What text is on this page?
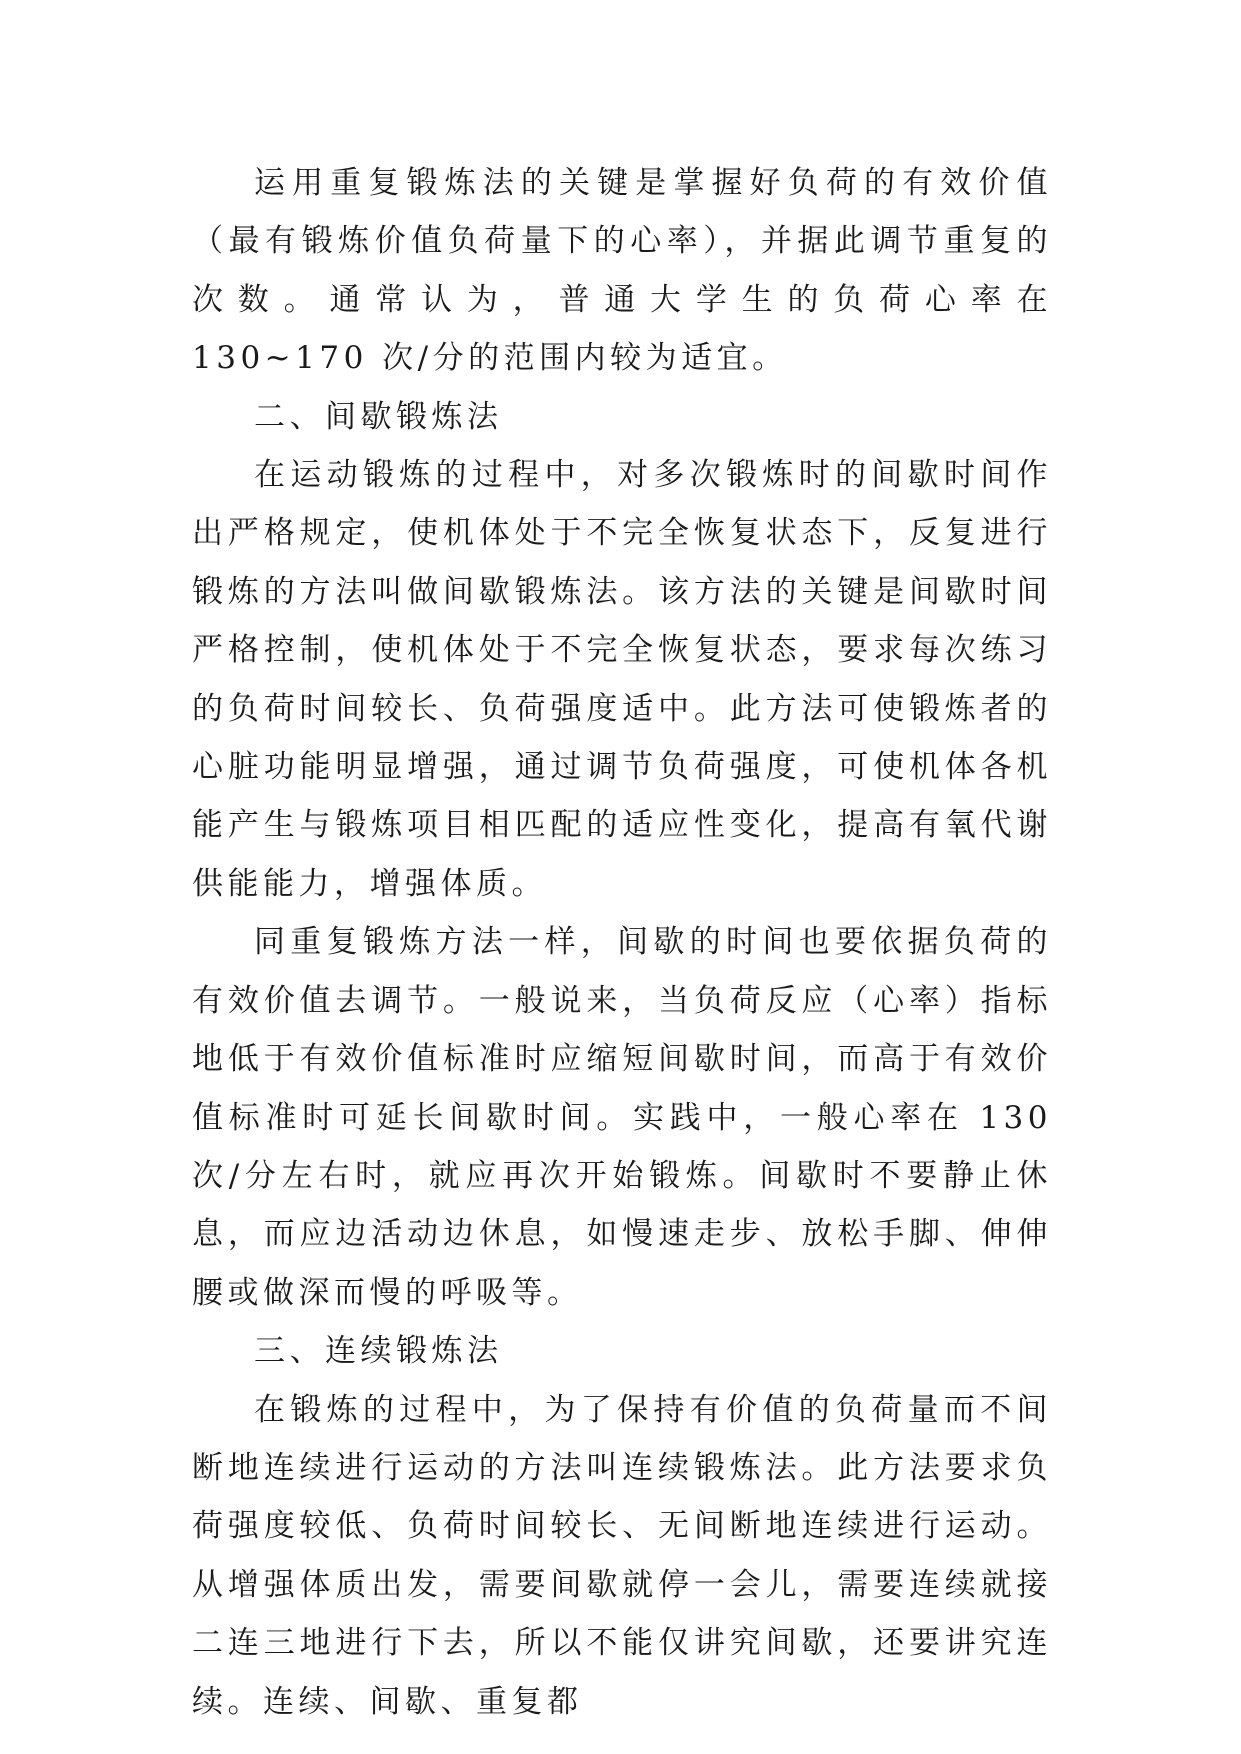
运用重复锻炼法的关键是掌握好负荷的有效价值（最有锻炼价值负荷量下的心率），并据此调节重复的次数。通常认为，普通大学生的负荷心率在 130~170 次/分的范围内较为适宜。

二、间歇锻炼法

在运动锻炼的过程中，对多次锻炼时的间歇时间作出严格规定，使机体处于不完全恢复状态下，反复进行锻炼的方法叫做间歇锻炼法。该方法的关键是间歇时间严格控制，使机体处于不完全恢复状态，要求每次练习的负荷时间较长、负荷强度适中。此方法可使锻炼者的心脏功能明显增强，通过调节负荷强度，可使机体各机能产生与锻炼项目相匹配的适应性变化，提高有氧代谢供能能力，增强体质。

同重复锻炼方法一样，间歇的时间也要依据负荷的有效价值去调节。一般说来，当负荷反应（心率）指标地低于有效价值标准时应缩短间歇时间，而高于有效价值标准时可延长间歇时间。实践中，一般心率在 130 次/分左右时，就应再次开始锻炼。间歇时不要静止休息，而应边活动边休息，如慢速走步、放松手脚、伸伸腰或做深而慢的呼吸等。

三、连续锻炼法

在锻炼的过程中，为了保持有价值的负荷量而不间断地连续进行运动的方法叫连续锻炼法。此方法要求负荷强度较低、负荷时间较长、无间断地连续进行运动。从增强体质出发，需要间歇就停一会儿，需要连续就接二连三地进行下去，所以不能仅讲究间歇，还要讲究连续。连续、间歇、重复都
